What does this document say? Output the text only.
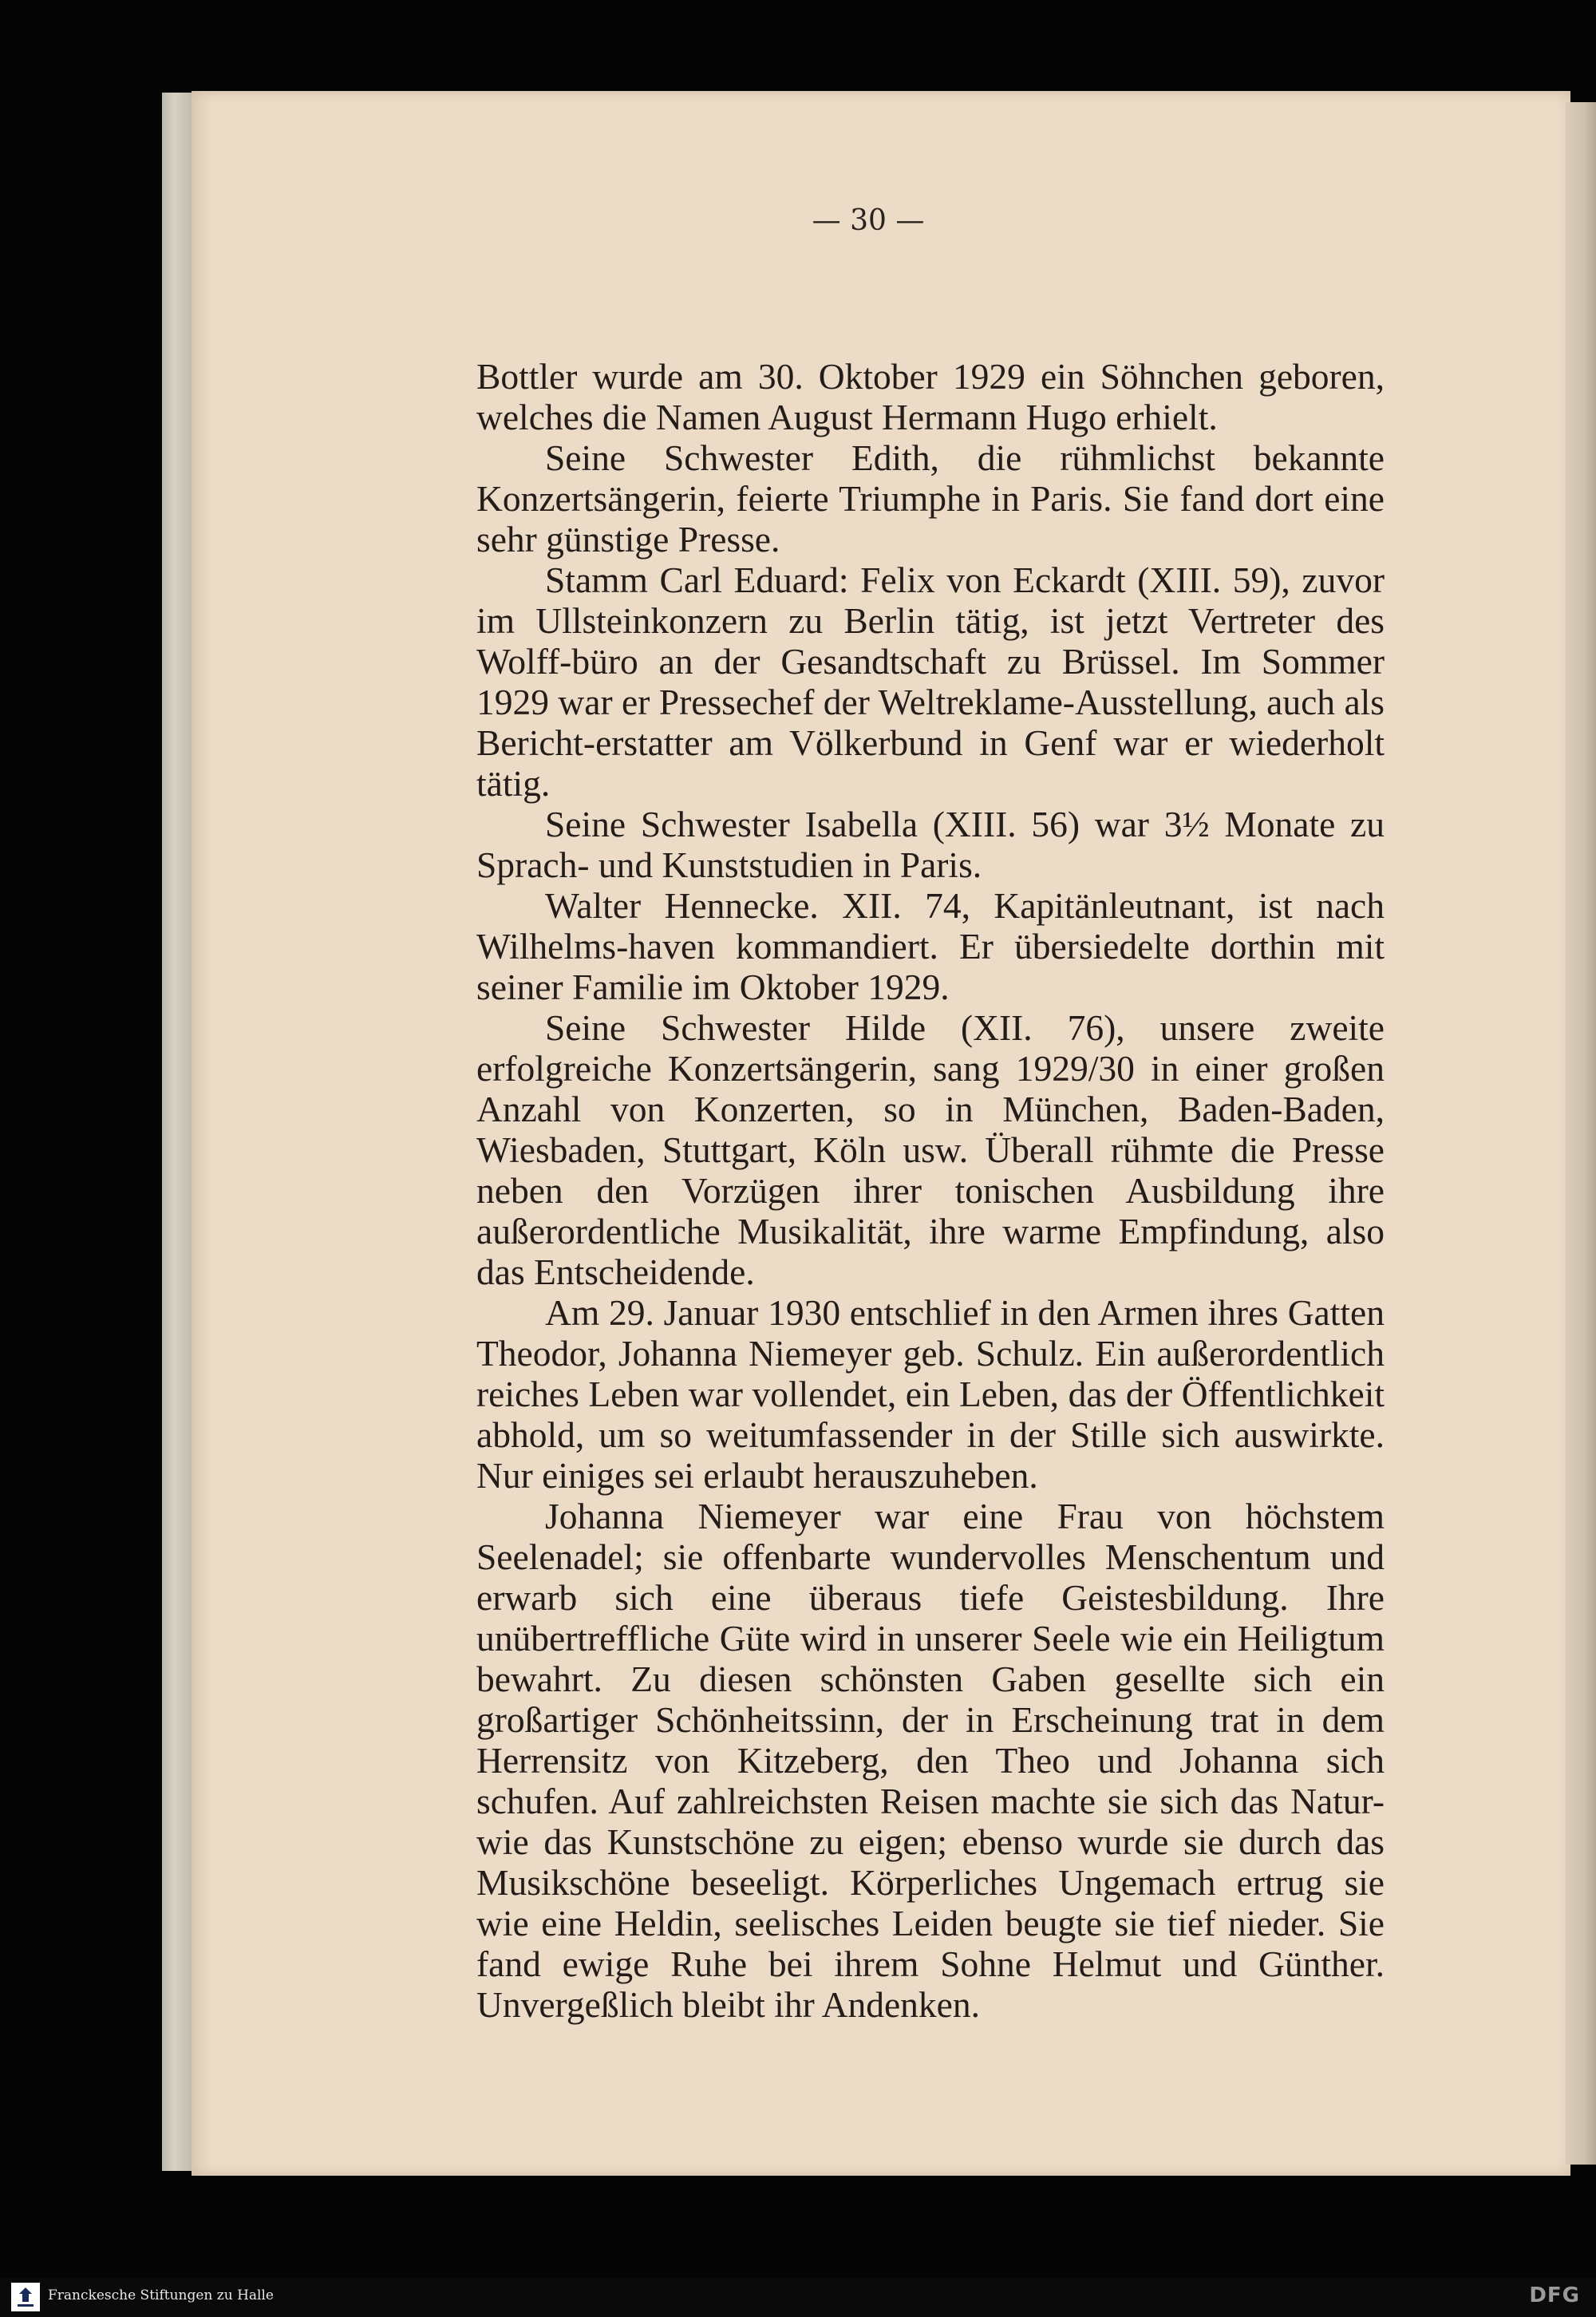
— 30 —

Bottler wurde am 30. Oktober 1929 ein Söhnchen geboren, welches die Namen August Hermann Hugo erhielt.

Seine Schwester Edith, die rühmlichst bekannte Konzertsängerin, feierte Triumphe in Paris. Sie fand dort eine sehr günstige Presse.

Stamm Carl Eduard: Felix von Eckardt (XIII. 59), zuvor im Ullsteinkonzern zu Berlin tätig, ist jetzt Vertreter des Wolff-büro an der Gesandtschaft zu Brüssel. Im Sommer 1929 war er Pressechef der Weltreklame-Ausstellung, auch als Bericht-erstatter am Völkerbund in Genf war er wiederholt tätig.

Seine Schwester Isabella (XIII. 56) war 3½ Monate zu Sprach- und Kunststudien in Paris.

Walter Hennecke. XII. 74, Kapitänleutnant, ist nach Wilhelms-haven kommandiert. Er übersiedelte dorthin mit seiner Familie im Oktober 1929.

Seine Schwester Hilde (XII. 76), unsere zweite erfolgreiche Konzertsängerin, sang 1929/30 in einer großen Anzahl von Konzerten, so in München, Baden-Baden, Wiesbaden, Stuttgart, Köln usw. Überall rühmte die Presse neben den Vorzügen ihrer tonischen Ausbildung ihre außerordentliche Musikalität, ihre warme Empfindung, also das Entscheidende.

Am 29. Januar 1930 entschlief in den Armen ihres Gatten Theodor, Johanna Niemeyer geb. Schulz. Ein außerordentlich reiches Leben war vollendet, ein Leben, das der Öffentlichkeit abhold, um so weitumfassender in der Stille sich auswirkte. Nur einiges sei erlaubt herauszuheben.

Johanna Niemeyer war eine Frau von höchstem Seelenadel; sie offenbarte wundervolles Menschentum und erwarb sich eine überaus tiefe Geistesbildung. Ihre unübertreffliche Güte wird in unserer Seele wie ein Heiligtum bewahrt. Zu diesen schönsten Gaben gesellte sich ein großartiger Schönheitssinn, der in Erscheinung trat in dem Herrensitz von Kitzeberg, den Theo und Johanna sich schufen. Auf zahlreichsten Reisen machte sie sich das Natur- wie das Kunstschöne zu eigen; ebenso wurde sie durch das Musikschöne beseeligt. Körperliches Ungemach ertrug sie wie eine Heldin, seelisches Leiden beugte sie tief nieder. Sie fand ewige Ruhe bei ihrem Sohne Helmut und Günther. Unvergeßlich bleibt ihr Andenken.

Franckesche Stiftungen zu Halle	DFG
